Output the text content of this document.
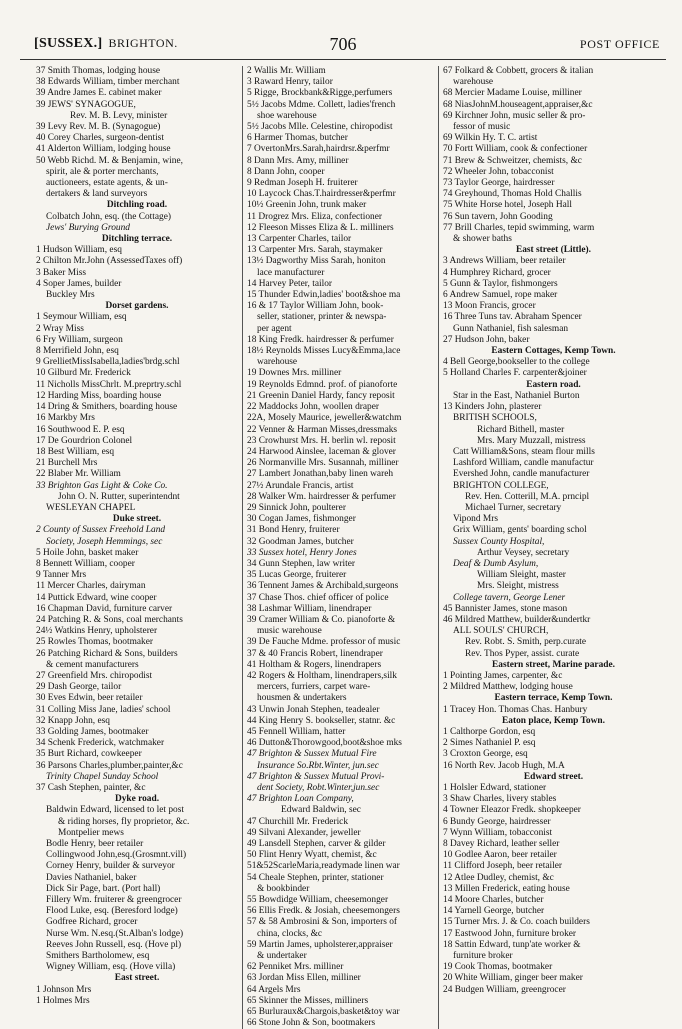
[SUSSEX.] BRIGHTON.	706	POST OFFICE
37 Smith Thomas, lodging house
38 Edwards William, timber merchant
39 Andre James E. cabinet maker
39 JEWS' SYNAGOGUE,
Rev. M. B. Levy, minister
39 Levy Rev. M. B. (Synagogue)
40 Corey Charles, surgeon-dentist
41 Alderton William, lodging house
50 Webb Richd. M. & Benjamin, wine,
spirit, ale & porter merchants,
auctioneers, estate agents, & un-
dertakers & land surveyors
Ditchling road.
Colbatch John, esq. (the Cottage)
Jews' Burying Ground
Ditchling terrace.
1 Hudson William, esq
2 Chilton Mr.John (AssessedTaxes off)
3 Baker Miss
4 Soper James, builder
Buckley Mrs
Dorset gardens.
1 Seymour William, esq
2 Wray Miss
6 Fry William, surgeon
8 Merrifield John, esq
9 GrellietMissIsabella,ladies'brdg.schl
10 Gilburd Mr. Frederick
11 Nicholls MissChrlt. M.preprtry.schl
12 Harding Miss, boarding house
14 Dring & Smithers, boarding house
16 Markby Mrs
16 Southwood E. P. esq
17 De Gourdrion Colonel
18 Best William, esq
21 Burchell Mrs
22 Blaber Mr. William
33 Brighton Gas Light & Coke Co.
John O. N. Rutter, superintendnt
WESLEYAN CHAPEL
Duke street.
2 County of Sussex Freehold Land
Society, Joseph Hemmings, sec
5 Hoile John, basket maker
8 Bennett William, cooper
9 Tanner Mrs
11 Mercer Charles, dairyman
14 Puttick Edward, wine cooper
16 Chapman David, furniture carver
24 Patching R. & Sons, coal merchants
24½ Watkins Henry, upholsterer
25 Rowles Thomas, bootmaker
26 Patching Richard & Sons, builders
& cement manufacturers
27 Greenfield Mrs. chiropodist
29 Dash George, tailor
30 Eves Edwin, beer retailer
31 Colling Miss Jane, ladies' school
32 Knapp John, esq
33 Golding James, bootmaker
34 Schenk Frederick, watchmaker
35 Burt Richard, cowkeeper
36 Parsons Charles,plumber,painter,&c
Trinity Chapel Sunday School
37 Cash Stephen, painter, &c
Dyke road.
Baldwin Edward, licensed to let post
& riding horses, fly proprietor, &c.
Montpelier mews
Bodle Henry, beer retailer
Collingwood John,esq.(Grosmnt.vill)
Corney Henry, builder & surveyor
Davies Nathaniel, baker
Dick Sir Page, bart. (Port hall)
Fillery Wm. fruiterer & greengrocer
Flood Luke, esq. (Beresford lodge)
Godfree Richard, grocer
Nurse Wm. N.esq.(St.Alban's lodge)
Reeves John Russell, esq. (Hove pl)
Smithers Bartholomew, esq
Wigney William, esq. (Hove villa)
East street.
1 Johnson Mrs
1 Holmes Mrs
2 Wallis Mr. William
3 Raward Henry, tailor
5 Rigge, Brockbank&Rigge,perfumers
5½ Jacobs Mdme. Collett, ladies'french
shoe warehouse
5½ Jacobs Mlle. Celestine, chiropodist
6 Harmer Thomas, butcher
7 OvertonMrs.Sarah,hairdrsr.&perfmr
8 Dann Mrs. Amy, milliner
8 Dann John, cooper
9 Redman Joseph H. fruiterer
10 Laycock Chas.T.hairdresser&perfmr
10½ Greenin John, trunk maker
11 Drogrez Mrs. Eliza, confectioner
12 Fleeson Misses Eliza & L. milliners
13 Carpenter Charles, tailor
13 Carpenter Mrs. Sarah, staymaker
13½ Dagworthy Miss Sarah, honiton
lace manufacturer
14 Harvey Peter, tailor
15 Thunder Edwin,ladies' boot&shoe ma
16 & 17 Taylor William John, book-
seller, stationer, printer & newspa-
per agent
18 King Fredk. hairdresser & perfumer
18½ Reynolds Misses Lucy&Emma,lace
warehouse
19 Downes Mrs. milliner
19 Reynolds Edmnd. prof. of pianoforte
21 Greenin Daniel Hardy, fancy reposit
22 Maddocks John, woollen draper
22A, Mosely Maurice, jeweller&watchm
22 Venner & Harman Misses,dressmaks
23 Crowhurst Mrs. H. berlin wl. reposit
24 Harwood Ainslee, laceman & glover
26 Normanville Mrs. Susannah, milliner
27 Lambert Jonathan,baby linen wareh
27½ Arundale Francis, artist
28 Walker Wm. hairdresser & perfumer
29 Sinnick John, poulterer
30 Cogan James, fishmonger
31 Bond Henry, fruiterer
32 Goodman James, butcher
33 Sussex hotel, Henry Jones
34 Gunn Stephen, law writer
35 Lucas George, fruiterer
36 Tennent James & Archibald,surgeons
37 Chase Thos. chief officer of police
38 Lashmar William, linendraper
39 Cramer William & Co. pianoforte &
music warehouse
39 De Fauche Mdme. professor of music
37 & 40 Francis Robert, linendraper
41 Holtham & Rogers, linendrapers
42 Rogers & Holtham, linendrapers,silk
mercers, furriers, carpet ware-
housmen & undertakers
43 Unwin Jonah Stephen, teadealer
44 King Henry S. bookseller, statnr. &c
45 Fennell William, hatter
46 Dutton&Thorowgood,boot&shoe mks
47 Brighton & Sussex Mutual Fire
Insurance So.Rbt.Winter, jun.sec
47 Brighton & Sussex Mutual Provi-
dent Society, Robt.Winter,jun.sec
47 Brighton Loan Company,
Edward Baldwin, sec
47 Churchill Mr. Frederick
49 Silvani Alexander, jeweller
49 Lansdell Stephen, carver & gilder
50 Flint Henry Wyatt, chemist, &c
51&52ScarleMaria,readymade linen war
54 Cheale Stephen, printer, stationer
& bookbinder
55 Bowdidge William, cheesemonger
56 Ellis Fredk. & Josiah, cheesemongers
57 & 58 Ambrosini & Son, importers of
china, clocks, &c
59 Martin James, upholsterer,appraiser
& undertaker
62 Penniket Mrs. milliner
63 Jordan Miss Ellen, milliner
64 Argels Mrs
65 Skinner the Misses, milliners
65 Burluraux&Chargois,basket&toy war
66 Stone John & Son, bootmakers
67 Folkard & Cobbett, grocers & italian
warehouse
68 Mercier Madame Louise, milliner
68 NiasJohnM.houseagent,appraiser,&c
69 Kirchner John, music seller & pro-
fessor of music
69 Wilkin Hy. T. C. artist
70 Fortt William, cook & confectioner
71 Brew & Schweitzer, chemists, &c
72 Wheeler John, tobacconist
73 Taylor George, hairdresser
74 Greyhound, Thomas Hold Challis
75 White Horse hotel, Joseph Hall
76 Sun tavern, John Gooding
77 Brill Charles, tepid swimming, warm
& shower baths
East street (Little).
3 Andrews William, beer retailer
4 Humphrey Richard, grocer
5 Gunn & Taylor, fishmongers
6 Andrew Samuel, rope maker
13 Moon Francis, grocer
16 Three Tuns tav. Abraham Spencer
Gunn Nathaniel, fish salesman
27 Hudson John, baker
Eastern Cottages, Kemp Town.
4 Bell George,bookseller to the college
5 Holland Charles F. carpenter&joiner
Eastern road.
Star in the East, Nathaniel Burton
13 Kinders John, plasterer
BRITISH SCHOOLS,
Richard Bithell, master
Mrs. Mary Muzzall, mistress
Catt William&Sons, steam flour mills
Lashford William, candle manufactur
Evershed John, candle manufacturer
BRIGHTON COLLEGE,
Rev. Hen. Cotterill, M.A. prncipl
Michael Turner, secretary
Vipond Mrs
Grix William, gents' boarding schol
Sussex County Hospital,
Arthur Veysey, secretary
Deaf & Dumb Asylum,
William Sleight, master
Mrs. Sleight, mistress
College tavern, George Lener
45 Bannister James, stone mason
46 Mildred Matthew, builder&undertkr
ALL SOULS' CHURCH,
Rev. Robt. S. Smith, perp.curate
Rev. Thos Pyper, assist. curate
Eastern street, Marine parade.
1 Pointing James, carpenter, &c
2 Mildred Matthew, lodging house
Eastern terrace, Kemp Town.
1 Tracey Hon. Thomas Chas. Hanbury
Eaton place, Kemp Town.
1 Calthorpe Gordon, esq
2 Simes Nathaniel P. esq
3 Croxton George, esq
16 North Rev. Jacob Hugh, M.A
Edward street.
1 Holsler Edward, stationer
3 Shaw Charles, livery stables
4 Towner Eleazor Fredk. shopkeeper
6 Bundy George, hairdresser
7 Wynn William, tobacconist
8 Davey Richard, leather seller
10 Godlee Aaron, beer retailer
11 Clifford Joseph, beer retailer
12 Atlee Dudley, chemist, &c
13 Millen Frederick, eating house
14 Moore Charles, butcher
14 Yarnell George, butcher
15 Turner Mrs. J. & Co. coach builders
17 Eastwood John, furniture broker
18 Sattin Edward, tunp'ate worker &
furniture broker
19 Cook Thomas, bootmaker
20 White William, ginger beer maker
24 Budgen William, greengrocer
